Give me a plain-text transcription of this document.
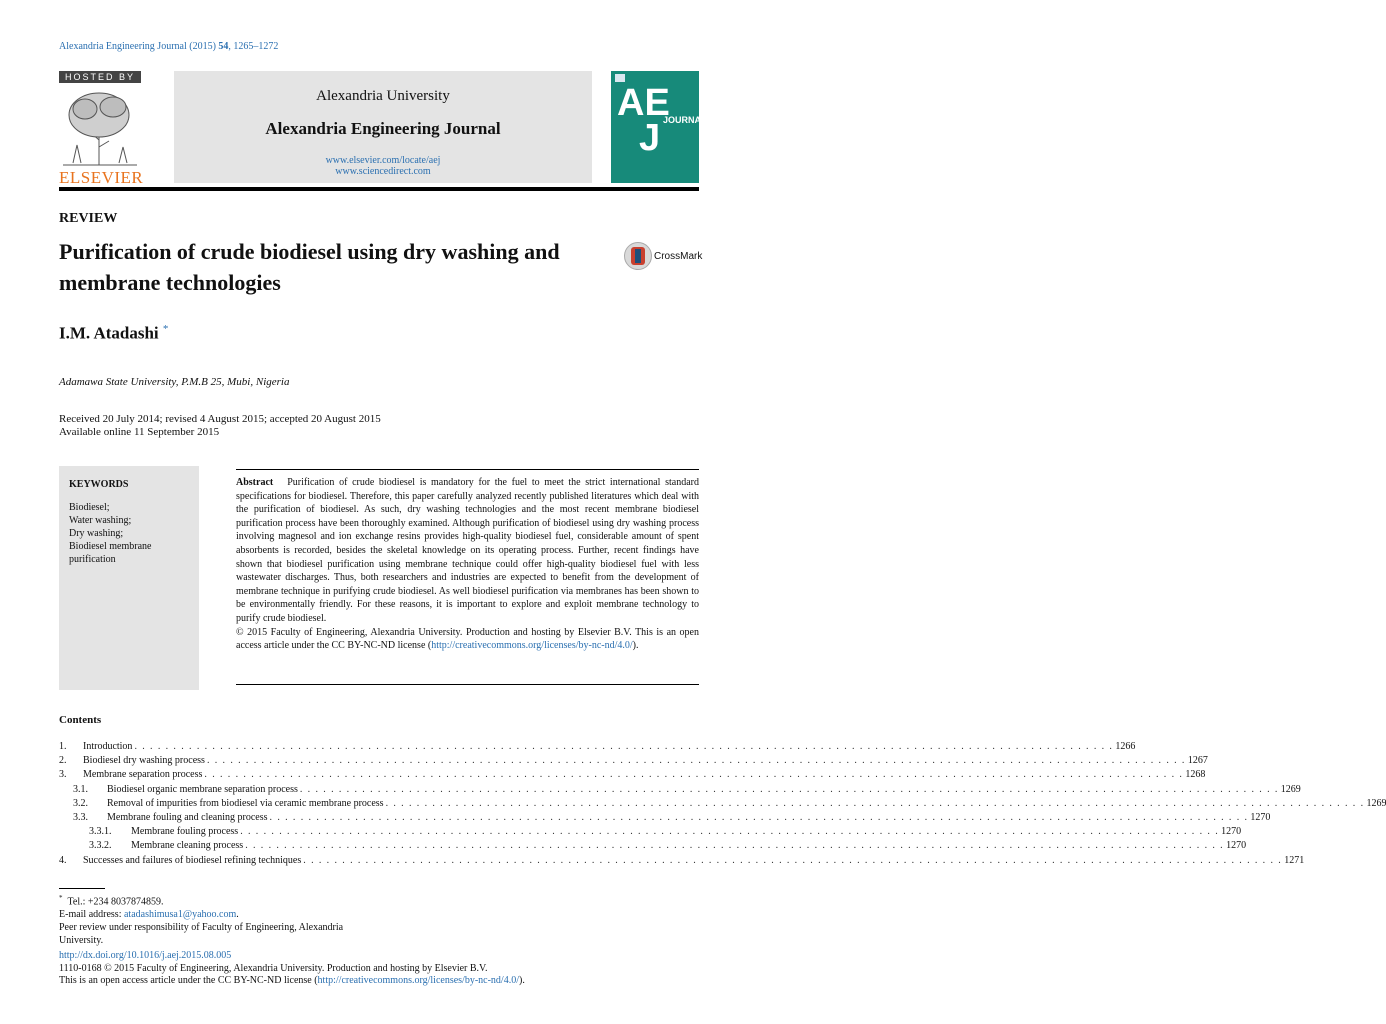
Alexandria Engineering Journal (2015) 54, 1265–1272
HOSTED BY
ELSEVIER
Alexandria University
Alexandria Engineering Journal
www.elsevier.com/locate/aej
www.sciencedirect.com
AE
J JOURNAL
REVIEW
Purification of crude biodiesel using dry washing and membrane technologies
CrossMark
I.M. Atadashi *
Adamawa State University, P.M.B 25, Mubi, Nigeria
Received 20 July 2014; revised 4 August 2015; accepted 20 August 2015
Available online 11 September 2015
KEYWORDS
Biodiesel;
Water washing;
Dry washing;
Biodiesel membrane purification
Abstract Purification of crude biodiesel is mandatory for the fuel to meet the strict international standard specifications for biodiesel. Therefore, this paper carefully analyzed recently published literatures which deal with the purification of biodiesel. As such, dry washing technologies and the most recent membrane biodiesel purification process have been thoroughly examined. Although purification of biodiesel using dry washing process involving magnesol and ion exchange resins provides high-quality biodiesel fuel, considerable amount of spent absorbents is recorded, besides the skeletal knowledge on its operating process. Further, recent findings have shown that biodiesel purification using membrane technique could offer high-quality biodiesel fuel with less wastewater discharges. Thus, both researchers and industries are expected to benefit from the development of membrane technique in purifying crude biodiesel. As well biodiesel purification via membranes has been shown to be environmentally friendly. For these reasons, it is important to explore and exploit membrane technology to purify crude biodiesel.
© 2015 Faculty of Engineering, Alexandria University. Production and hosting by Elsevier B.V. This is an open access article under the CC BY-NC-ND license (http://creativecommons.org/licenses/by-nc-nd/4.0/).
Contents
1.	Introduction . . .	1266
2.	Biodiesel dry washing process . . .	1267
3.	Membrane separation process . . .	1268
3.1.	Biodiesel organic membrane separation process . . .	1269
3.2.	Removal of impurities from biodiesel via ceramic membrane process . . .	1269
3.3.	Membrane fouling and cleaning process . . .	1270
3.3.1.	Membrane fouling process . . .	1270
3.3.2.	Membrane cleaning process . . .	1270
4.	Successes and failures of biodiesel refining techniques . . .	1271
* Tel.: +234 8037874859.
E-mail address: atadashimusa1@yahoo.com.
Peer review under responsibility of Faculty of Engineering, Alexandria University.
http://dx.doi.org/10.1016/j.aej.2015.08.005
1110-0168 © 2015 Faculty of Engineering, Alexandria University. Production and hosting by Elsevier B.V.
This is an open access article under the CC BY-NC-ND license (http://creativecommons.org/licenses/by-nc-nd/4.0/).
